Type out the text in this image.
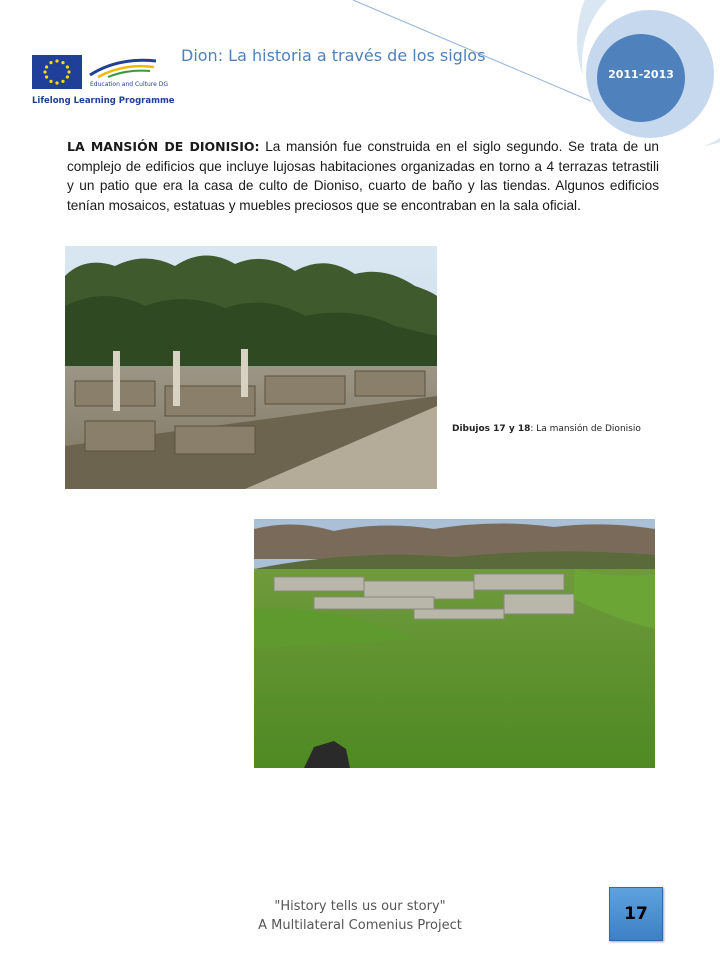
Dion: La historia a través de los siglos
2011-2013
Education and Culture DG
Lifelong Learning Programme
LA MANSIÓN DE DIONISIO: La mansión fue construida en el siglo segundo. Se trata de un complejo de edificios que incluye lujosas habitaciones organizadas en torno a 4 terrazas tetrastili y un patio que era la casa de culto de Dioniso, cuarto de baño y las tiendas. Algunos edificios tenían mosaicos, estatuas y muebles preciosos que se encontraban en la sala oficial.
Dibujos 17 y 18: La mansión de Dionisio
"History tells us our story"
A Multilateral Comenius Project
17
